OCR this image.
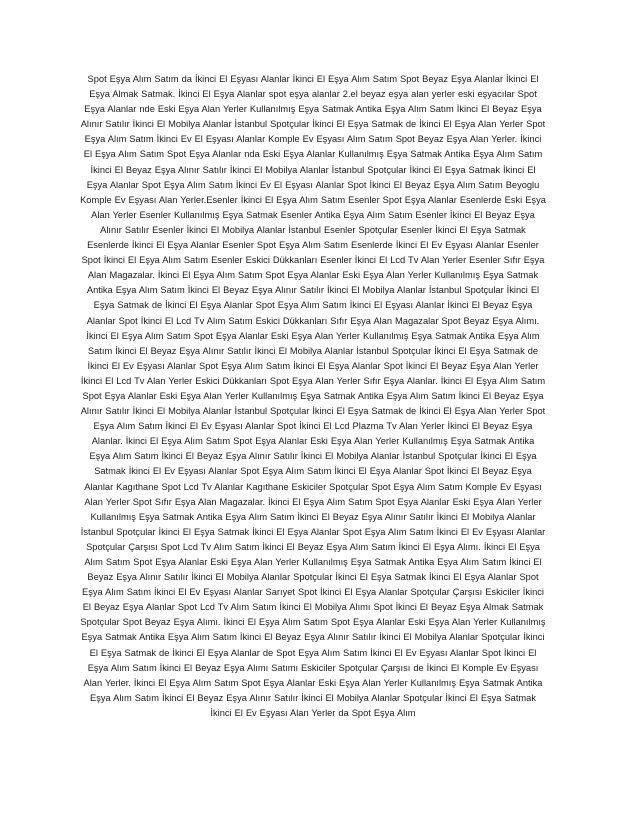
Spot Eşya Alım Satım da İkinci El Eşyası Alanlar İkinci El Eşya Alım Satım Spot Beyaz Eşya Alanlar İkinci El Eşya Almak Satmak. İkinci El Eşya Alanlar spot eşya alanlar 2.el beyaz eşya alan yerler eski eşyacılar Spot Eşya Alanlar nde Eski Eşya Alan Yerler Kullanılmış Eşya Satmak Antika Eşya Alım Satım İkinci El Beyaz Eşya Alınır Satılır İkinci El Mobilya Alanlar İstanbul Spotçular İkinci El Eşya Satmak de İkinci El Eşya Alan Yerler Spot Eşya Alım Satım İkinci Ev El Eşyası Alanlar Komple Ev Eşyası Alım Satım Spot Beyaz Eşya Alan Yerler. İkinci El Eşya Alım Satım Spot Eşya Alanlar nda Eski Eşya Alanlar Kullanılmış Eşya Satmak Antika Eşya Alım Satım İkinci El Beyaz Eşya Alınır Satılır İkinci El Mobilya Alanlar İstanbul Spotçular İkinci El Eşya Satmak İkinci El Eşya Alanlar Spot Eşya Alım Satım İkinci Ev El Eşyası Alanlar Spot İkinci El Beyaz Eşya Alım Satım Beyoglu Komple Ev Eşyası Alan Yerler.Esenler İkinci El Eşya Alım Satım Esenler Spot Eşya Alanlar Esenlerde Eski Eşya Alan Yerler Esenler Kullanılmış Eşya Satmak Esenler Antika Eşya Alım Satım Esenler İkinci El Beyaz Eşya Alınır Satılır Esenler İkinci El Mobilya Alanlar İstanbul Esenler Spotçular Esenler İkinci El Eşya Satmak Esenlerde İkinci El Eşya Alanlar Esenler Spot Eşya Alım Satım Esenlerde İkinci El Ev Eşyası Alanlar Esenler Spot İkinci El Eşya Alım Satım Esenler Eskici Dükkanları Esenler İkinci El Lcd Tv Alan Yerler Esenler Sıfır Eşya Alan Magazalar. İkinci El Eşya Alım Satım Spot Eşya Alanlar Eski Eşya Alan Yerler Kullanılmış Eşya Satmak Antika Eşya Alım Satım İkinci El Beyaz Eşya Alınır Satılır İkinci El Mobilya Alanlar İstanbul Spotçular İkinci El Eşya Satmak de İkinci El Eşya Alanlar Spot Eşya Alım Satım İkinci El Eşyası Alanlar İkinci El Beyaz Eşya Alanlar Spot İkinci El Lcd Tv Alım Satım Eskici Dükkanları Sıfır Eşya Alan Magazalar Spot Beyaz Eşya Alımı. İkinci El Eşya Alım Satım Spot Eşya Alanlar Eski Eşya Alan Yerler Kullanılmış Eşya Satmak Antika Eşya Alım Satım İkinci El Beyaz Eşya Alınır Satılır İkinci El Mobilya Alanlar İstanbul Spotçular İkinci El Eşya Satmak de İkinci El Ev Eşyası Alanlar Spot Eşya Alım Satım İkinci El Eşya Alanlar Spot İkinci El Beyaz Eşya Alan Yerler İkinci El Lcd Tv Alan Yerler Eskici Dükkanları Spot Eşya Alan Yerler Sıfır Eşya Alanlar. İkinci El Eşya Alım Satım Spot Eşya Alanlar Eski Eşya Alan Yerler Kullanılmış Eşya Satmak Antika Eşya Alım Satım İkinci El Beyaz Eşya Alınır Satılır İkinci El Mobilya Alanlar İstanbul Spotçular İkinci El Eşya Satmak de İkinci El Eşya Alan Yerler Spot Eşya Alım Satım İkinci El Ev Eşyası Alanlar Spot İkinci El Lcd Plazma Tv Alan Yerler İkinci El Beyaz Eşya Alanlar. İkinci El Eşya Alım Satım Spot Eşya Alanlar Eski Eşya Alan Yerler Kullanılmış Eşya Satmak Antika Eşya Alım Satım İkinci El Beyaz Eşya Alınır Satılır İkinci El Mobilya Alanlar İstanbul Spotçular İkinci El Eşya Satmak İkinci El Ev Eşyası Alanlar Spot Eşya Alım Satım İkinci El Eşya Alanlar Spot İkinci El Beyaz Eşya Alanlar Kagıthane Spot Lcd Tv Alanlar Kagıthane Eskiciler Spotçular Spot Eşya Alım Satım Komple Ev Eşyası Alan Yerler Spot Sıfır Eşya Alan Magazalar. İkinci El Eşya Alım Satım Spot Eşya Alanlar Eski Eşya Alan Yerler Kullanılmış Eşya Satmak Antika Eşya Alım Satım İkinci El Beyaz Eşya Alınır Satılır İkinci El Mobilya Alanlar İstanbul Spotçular İkinci El Eşya Satmak İkinci El Eşya Alanlar Spot Eşya Alım Satım İkinci El Ev Eşyası Alanlar Spotçular Çarşısı Spot Lcd Tv Alım Satım İkinci El Beyaz Eşya Alım Satım İkinci El Eşya Alımı. İkinci El Eşya Alım Satım Spot Eşya Alanlar Eski Eşya Alan Yerler Kullanılmış Eşya Satmak Antika Eşya Alım Satım İkinci El Beyaz Eşya Alınır Satılır İkinci El Mobilya Alanlar Spotçular İkinci El Eşya Satmak İkinci El Eşya Alanlar Spot Eşya Alım Satım İkinci El Ev Eşyası Alanlar Sarıyet Spot İkinci El Eşya Alanlar Spotçular Çarşısı Eskiciler İkinci El Beyaz Eşya Alanlar Spot Lcd Tv Alım Satım İkinci El Mobilya Alımı Spot İkinci El Beyaz Eşya Almak Satmak Spotçular Spot Beyaz Eşya Alımı. İkinci El Eşya Alım Satım Spot Eşya Alanlar Eski Eşya Alan Yerler Kullanılmış Eşya Satmak Antika Eşya Alım Satım İkinci El Beyaz Eşya Alınır Satılır İkinci El Mobilya Alanlar Spotçular İkinci El Eşya Satmak de İkinci El Eşya Alanlar de Spot Eşya Alım Satım İkinci El Ev Eşyası Alanlar Spot İkinci El Eşya Alım Satım İkinci El Beyaz Eşya Alımı Satımı Eskiciler Spotçular Çarşısı de İkinci El Komple Ev Eşyası Alan Yerler. İkinci El Eşya Alım Satım Spot Eşya Alanlar Eski Eşya Alan Yerler Kullanılmış Eşya Satmak Antika Eşya Alım Satım İkinci El Beyaz Eşya Alınır Satılır İkinci El Mobilya Alanlar Spotçular İkinci El Eşya Satmak İkinci El Ev Eşyası Alan Yerler da Spot Eşya Alım
